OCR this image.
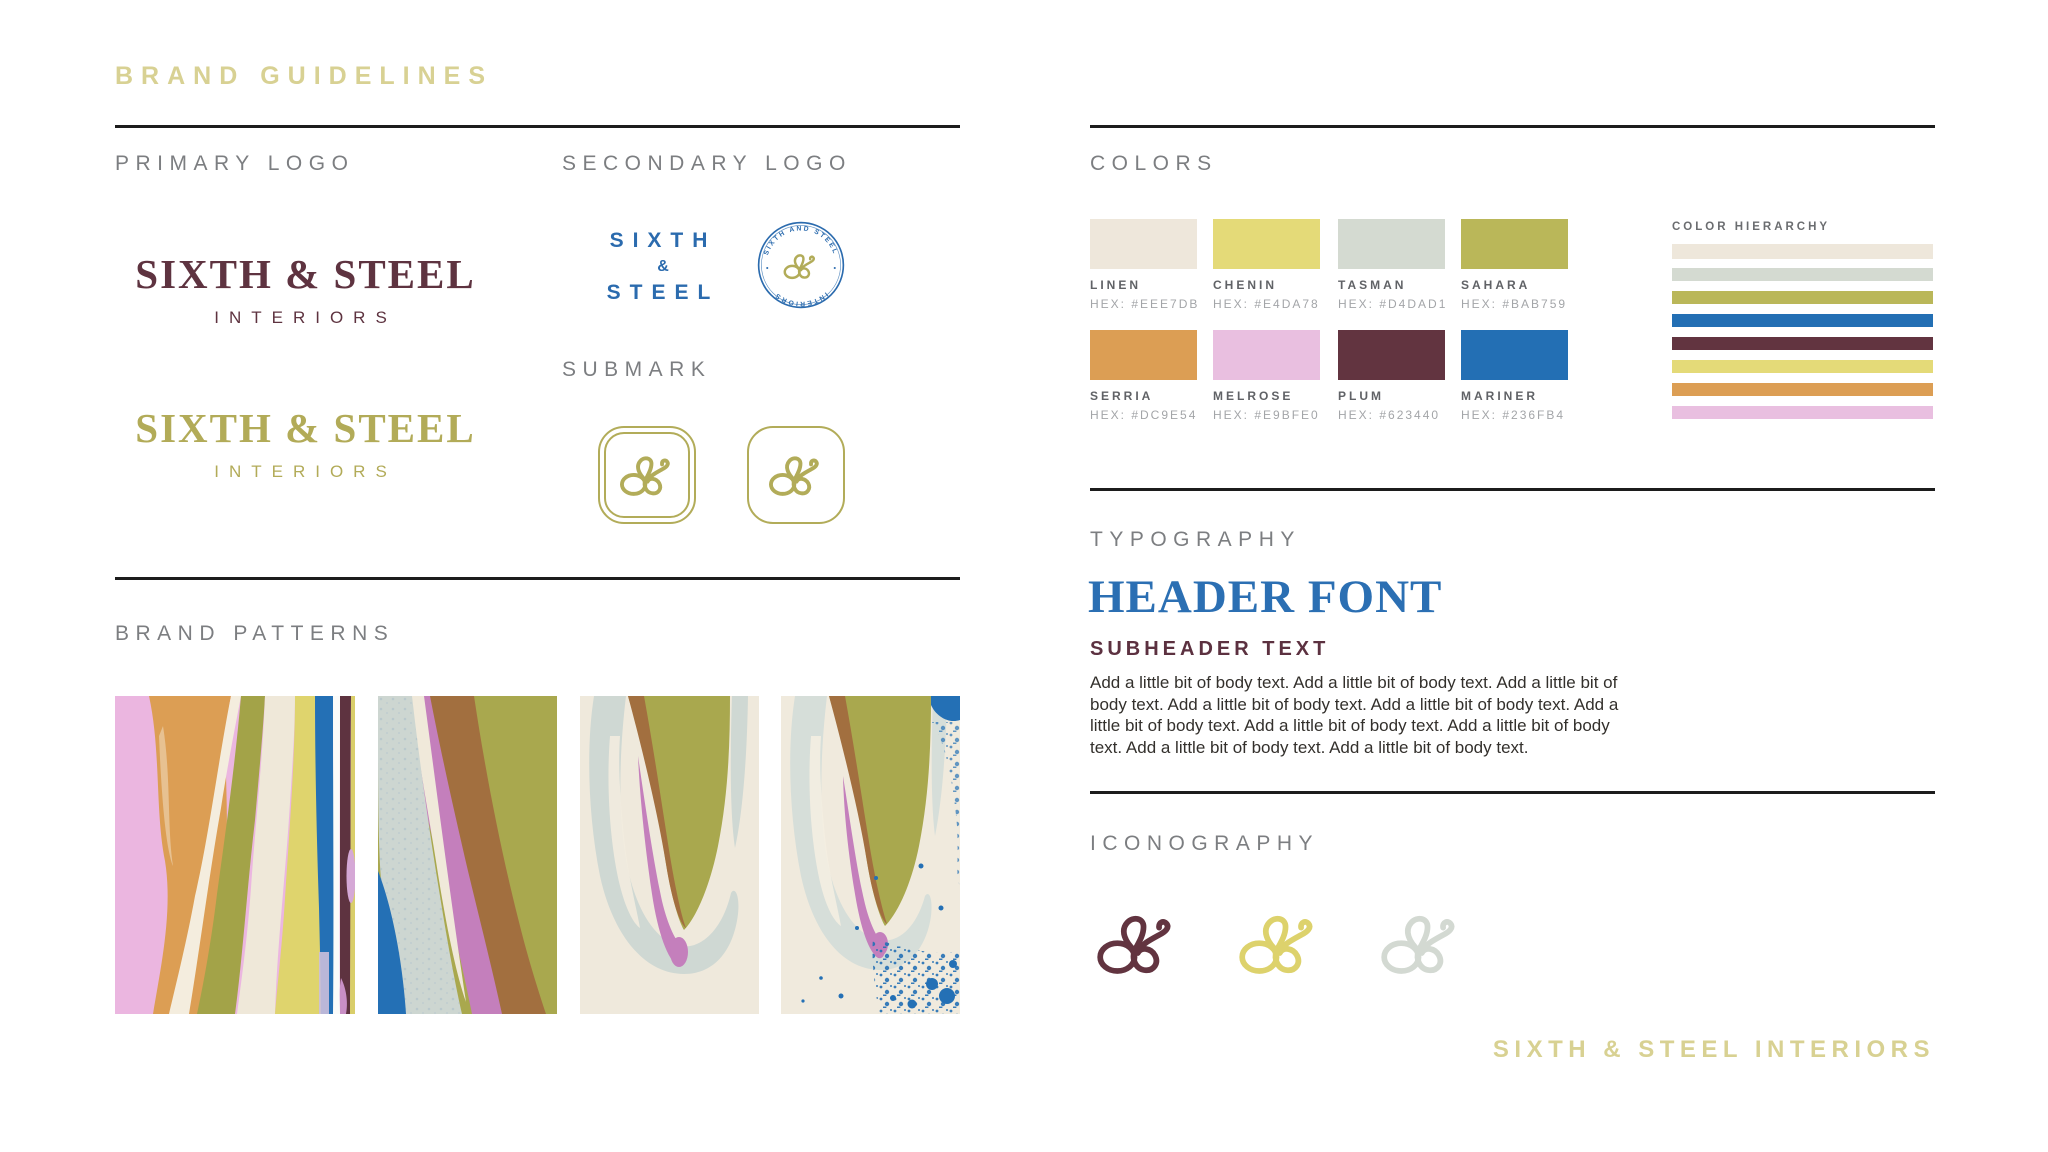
BRAND GUIDELINES
PRIMARY LOGO
SIXTH & STEEL
INTERIORS
SIXTH & STEEL
INTERIORS
SECONDARY LOGO
SIXTH
&
STEEL
SIXTH AND STEEL
INTERIORS
SUBMARK
BRAND PATTERNS
COLORS
LINEN
HEX: #EEE7DB
CHENIN
HEX: #E4DA78
TASMAN
HEX: #D4DAD1
SAHARA
HEX: #BAB759
SERRIA
HEX: #DC9E54
MELROSE
HEX: #E9BFE0
PLUM
HEX: #623440
MARINER
HEX: #236FB4
COLOR HIERARCHY
TYPOGRAPHY
HEADER FONT
SUBHEADER TEXT
Add a little bit of body text. Add a little bit of body text. Add a little bit of body text. Add a little bit of body text. Add a little bit of body text. Add a little bit of body text. Add a little bit of body text. Add a little bit of body text. Add a little bit of body text. Add a little bit of body text.
ICONOGRAPHY
SIXTH & STEEL INTERIORS
